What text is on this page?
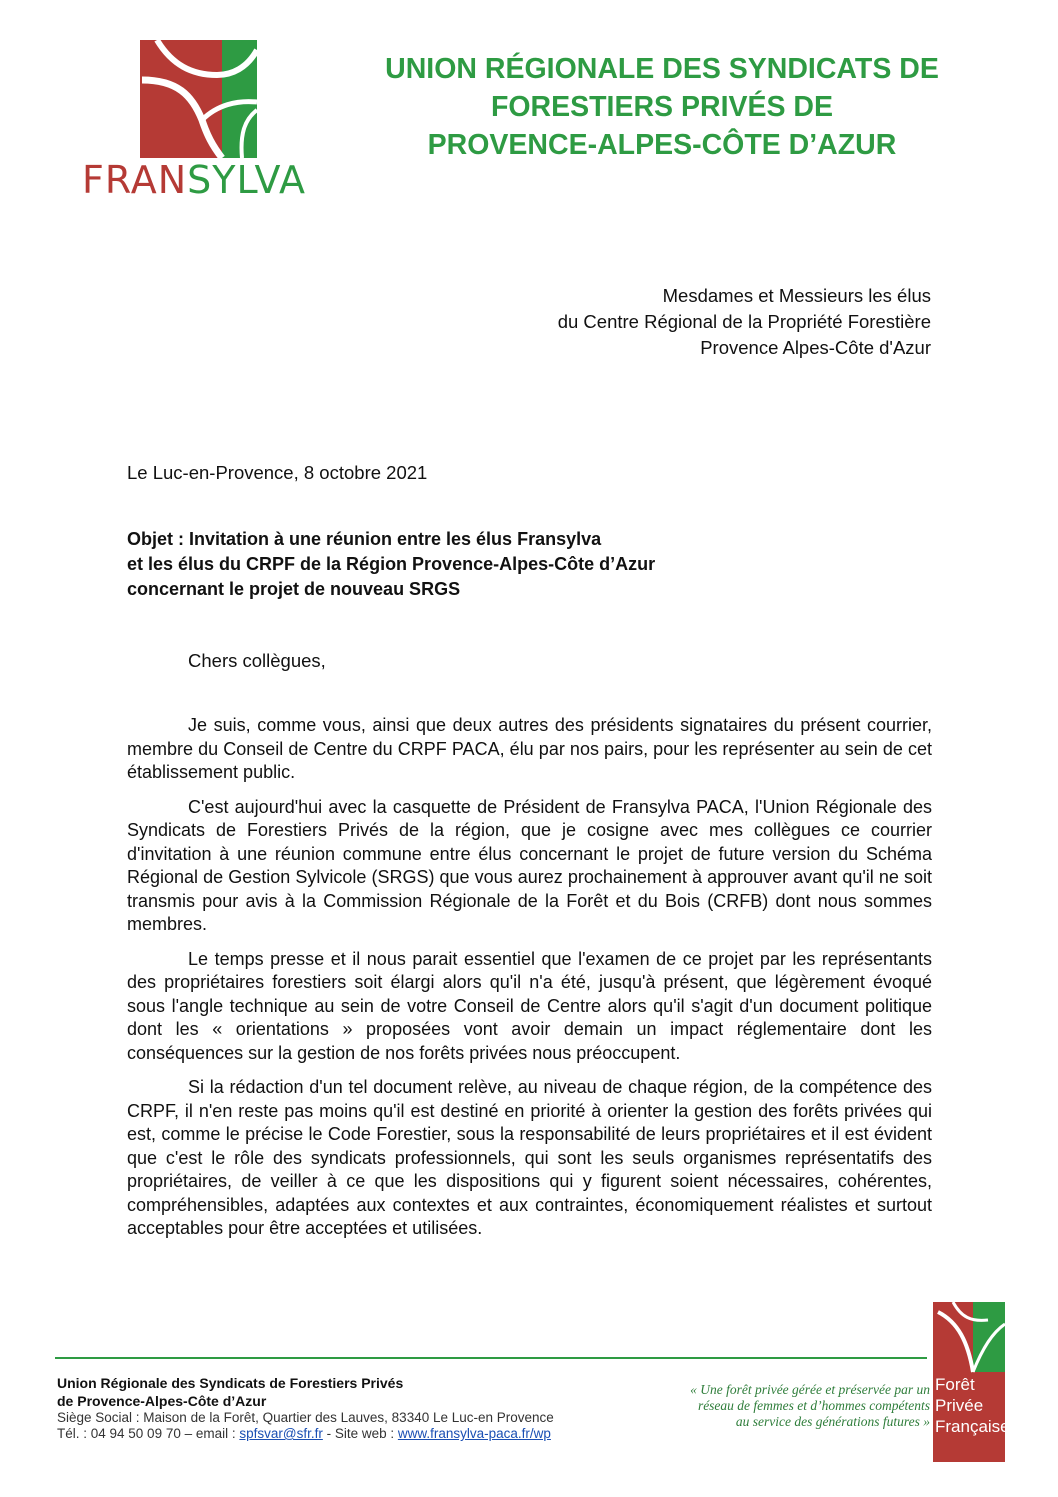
FRANSYLVA
UNION RÉGIONALE DES SYNDICATS DE
FORESTIERS PRIVÉS DE
PROVENCE-ALPES-CÔTE D’AZUR
Mesdames et Messieurs les élus
du Centre Régional de la Propriété Forestière
Provence Alpes-Côte d'Azur
Le Luc-en-Provence, 8 octobre 2021
Objet : Invitation à une réunion entre les élus Fransylva
et les élus du CRPF de la Région Provence-Alpes-Côte d’Azur
concernant le projet de nouveau SRGS
Chers collègues,

Je suis, comme vous, ainsi que deux autres des présidents signataires du présent courrier, membre du Conseil de Centre du CRPF PACA, élu par nos pairs, pour les représenter au sein de cet établissement public.

C'est aujourd'hui avec la casquette de Président de Fransylva PACA, l'Union Régionale des Syndicats de Forestiers Privés de la région, que je cosigne avec mes collègues ce courrier d'invitation à une réunion commune entre élus concernant le projet de future version du Schéma Régional de Gestion Sylvicole (SRGS) que vous aurez prochainement à approuver avant qu'il ne soit transmis pour avis à la Commission Régionale de la Forêt et du Bois (CRFB) dont nous sommes membres.

Le temps presse et il nous parait essentiel que l'examen de ce projet par les représentants des propriétaires forestiers soit élargi alors qu'il n'a été, jusqu'à présent, que légèrement évoqué sous l'angle technique au sein de votre Conseil de Centre alors qu'il s'agit d'un document politique dont les « orientations » proposées vont avoir demain un impact réglementaire dont les conséquences sur la gestion de nos forêts privées nous préoccupent.

Si la rédaction d'un tel document relève, au niveau de chaque région, de la compétence des CRPF, il n'en reste pas moins qu'il est destiné en priorité à orienter la gestion des forêts privées qui est, comme le précise le Code Forestier, sous la responsabilité de leurs propriétaires et il est évident que c'est le rôle des syndicats professionnels, qui sont les seuls organismes représentatifs des propriétaires, de veiller à ce que les dispositions qui y figurent soient nécessaires, cohérentes, compréhensibles, adaptées aux contextes et aux contraintes, économiquement réalistes et surtout acceptables pour être acceptées et utilisées.

Union Régionale des Syndicats de Forestiers Privés
de Provence-Alpes-Côte d’Azur
Siège Social : Maison de la Forêt, Quartier des Lauves, 83340 Le Luc-en Provence
Tél. : 04 94 50 09 70 – email : spfsvar@sfr.fr - Site web : www.fransylva-paca.fr/wp
« Une forêt privée gérée et préservée par un
réseau de femmes et d’hommes compétents
au service des générations futures »
Forêt
Privée
Française
